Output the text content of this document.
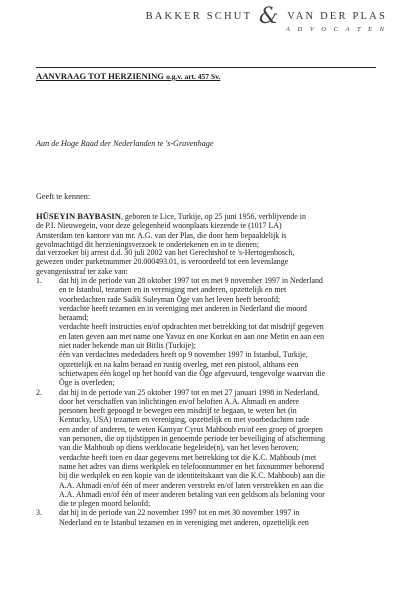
BAKKER SCHUT & VAN DER PLAS
A D V O C A T E N
AANVRAAG TOT HERZIENING o.g.v. art. 457 Sv.
Aan de Hoge Raad der Nederlanden te 's-Gravenhage
Geeft te kennen:
HÜSEYIN BAYBASIN, geboren te Lice, Turkije, op 25 juni 1956, verblijvende in
de P.I. Nieuwegein, voor deze gelegenheid woonplaats kiezende te (1017 LA)
Amsterdam ten kantore van mr. A.G. van der Plas, die door hem bepaaldelijk is
gevolmachtigd dit herzieningsverzoek te ondertekenen en in te dienen;
dat verzoeker bij arrest d.d. 30 juli 2002 van het Gerechtshof te 's-Hertogenbosch,
gewezen onder parketnummer 20.000493.01, is veroordeeld tot een levenslange
gevangenisstraf ter zake van:
1.	dat hij in de periode van 28 oktober 1997 tot en met 9 november 1997 in Nederland
en te Istanbul, tezamen en in vereniging met anderen, opzettelijk en met
voorbedachten rade Sadik Suleyman Öge van het leven heeft beroofd;
verdachte heeft tezamen en in vereniging met anderen in Nederland die moord
beraamd;
verdachte heeft instructies en/of opdrachten met betrekking tot dat misdrijf gegeven
en laten geven aan met name one Yavuz en one Korkut en aan one Metin en aan een
niet nader bekende man uit Bitlis (Turkije);
één van verdachtes mededaders heeft op 9 november 1997 in Istanbul, Turkije,
opzettelijk en na kalm beraad en rustig overleg, met een pistool, althans een
schietwapen één kogel op het hoofd van die Öge afgevuurd, tengevolge waarvan die
Öge is overleden;
2.	dat hij in de periode van 25 oktober 1997 tot en met 27 januari 1998 in Nederland,
door het verschaffen van inlichtingen en/of beloften A.A. Ahmadi en andere
personen heeft gepoogd te bewegen een misdrijf te begaan, te weten het (in
Kentucky, USA) tezamen en vereniging, opzettelijk en met voorbedachten rade
een ander of anderen, te weten Kamyar Cyrus Mahboub en/of een groep of groepen
van personen, die op tijdstippen in genoemde periode ter beveiliging of afscherming
van die Mahboub op diens werklocatie begeleide(n), van het leven beroven;
verdachte heeft toen en daar gegevens met betrekking tot die K.C. Mahboub (met
name het adres van diens werkplek en telefoonnummer en het faxnummer behorend
bij die werkplek en een kopie van de identiteitskaart van die K.C. Mahboub) aan die
A.A. Ahmadi en/of één of meer anderen verstrekt en/of laten verstrekken en aan die
A.A. Ahmadi en/of één of meer anderen betaling van een geldsom als beloning voor
die te plegen moord beloofd;
3.	dat hij in de periode van 22 november 1997 tot en met 30 november 1997 in
Nederland en te Istanbul tezamen en in vereniging met anderen, opzettelijk een
